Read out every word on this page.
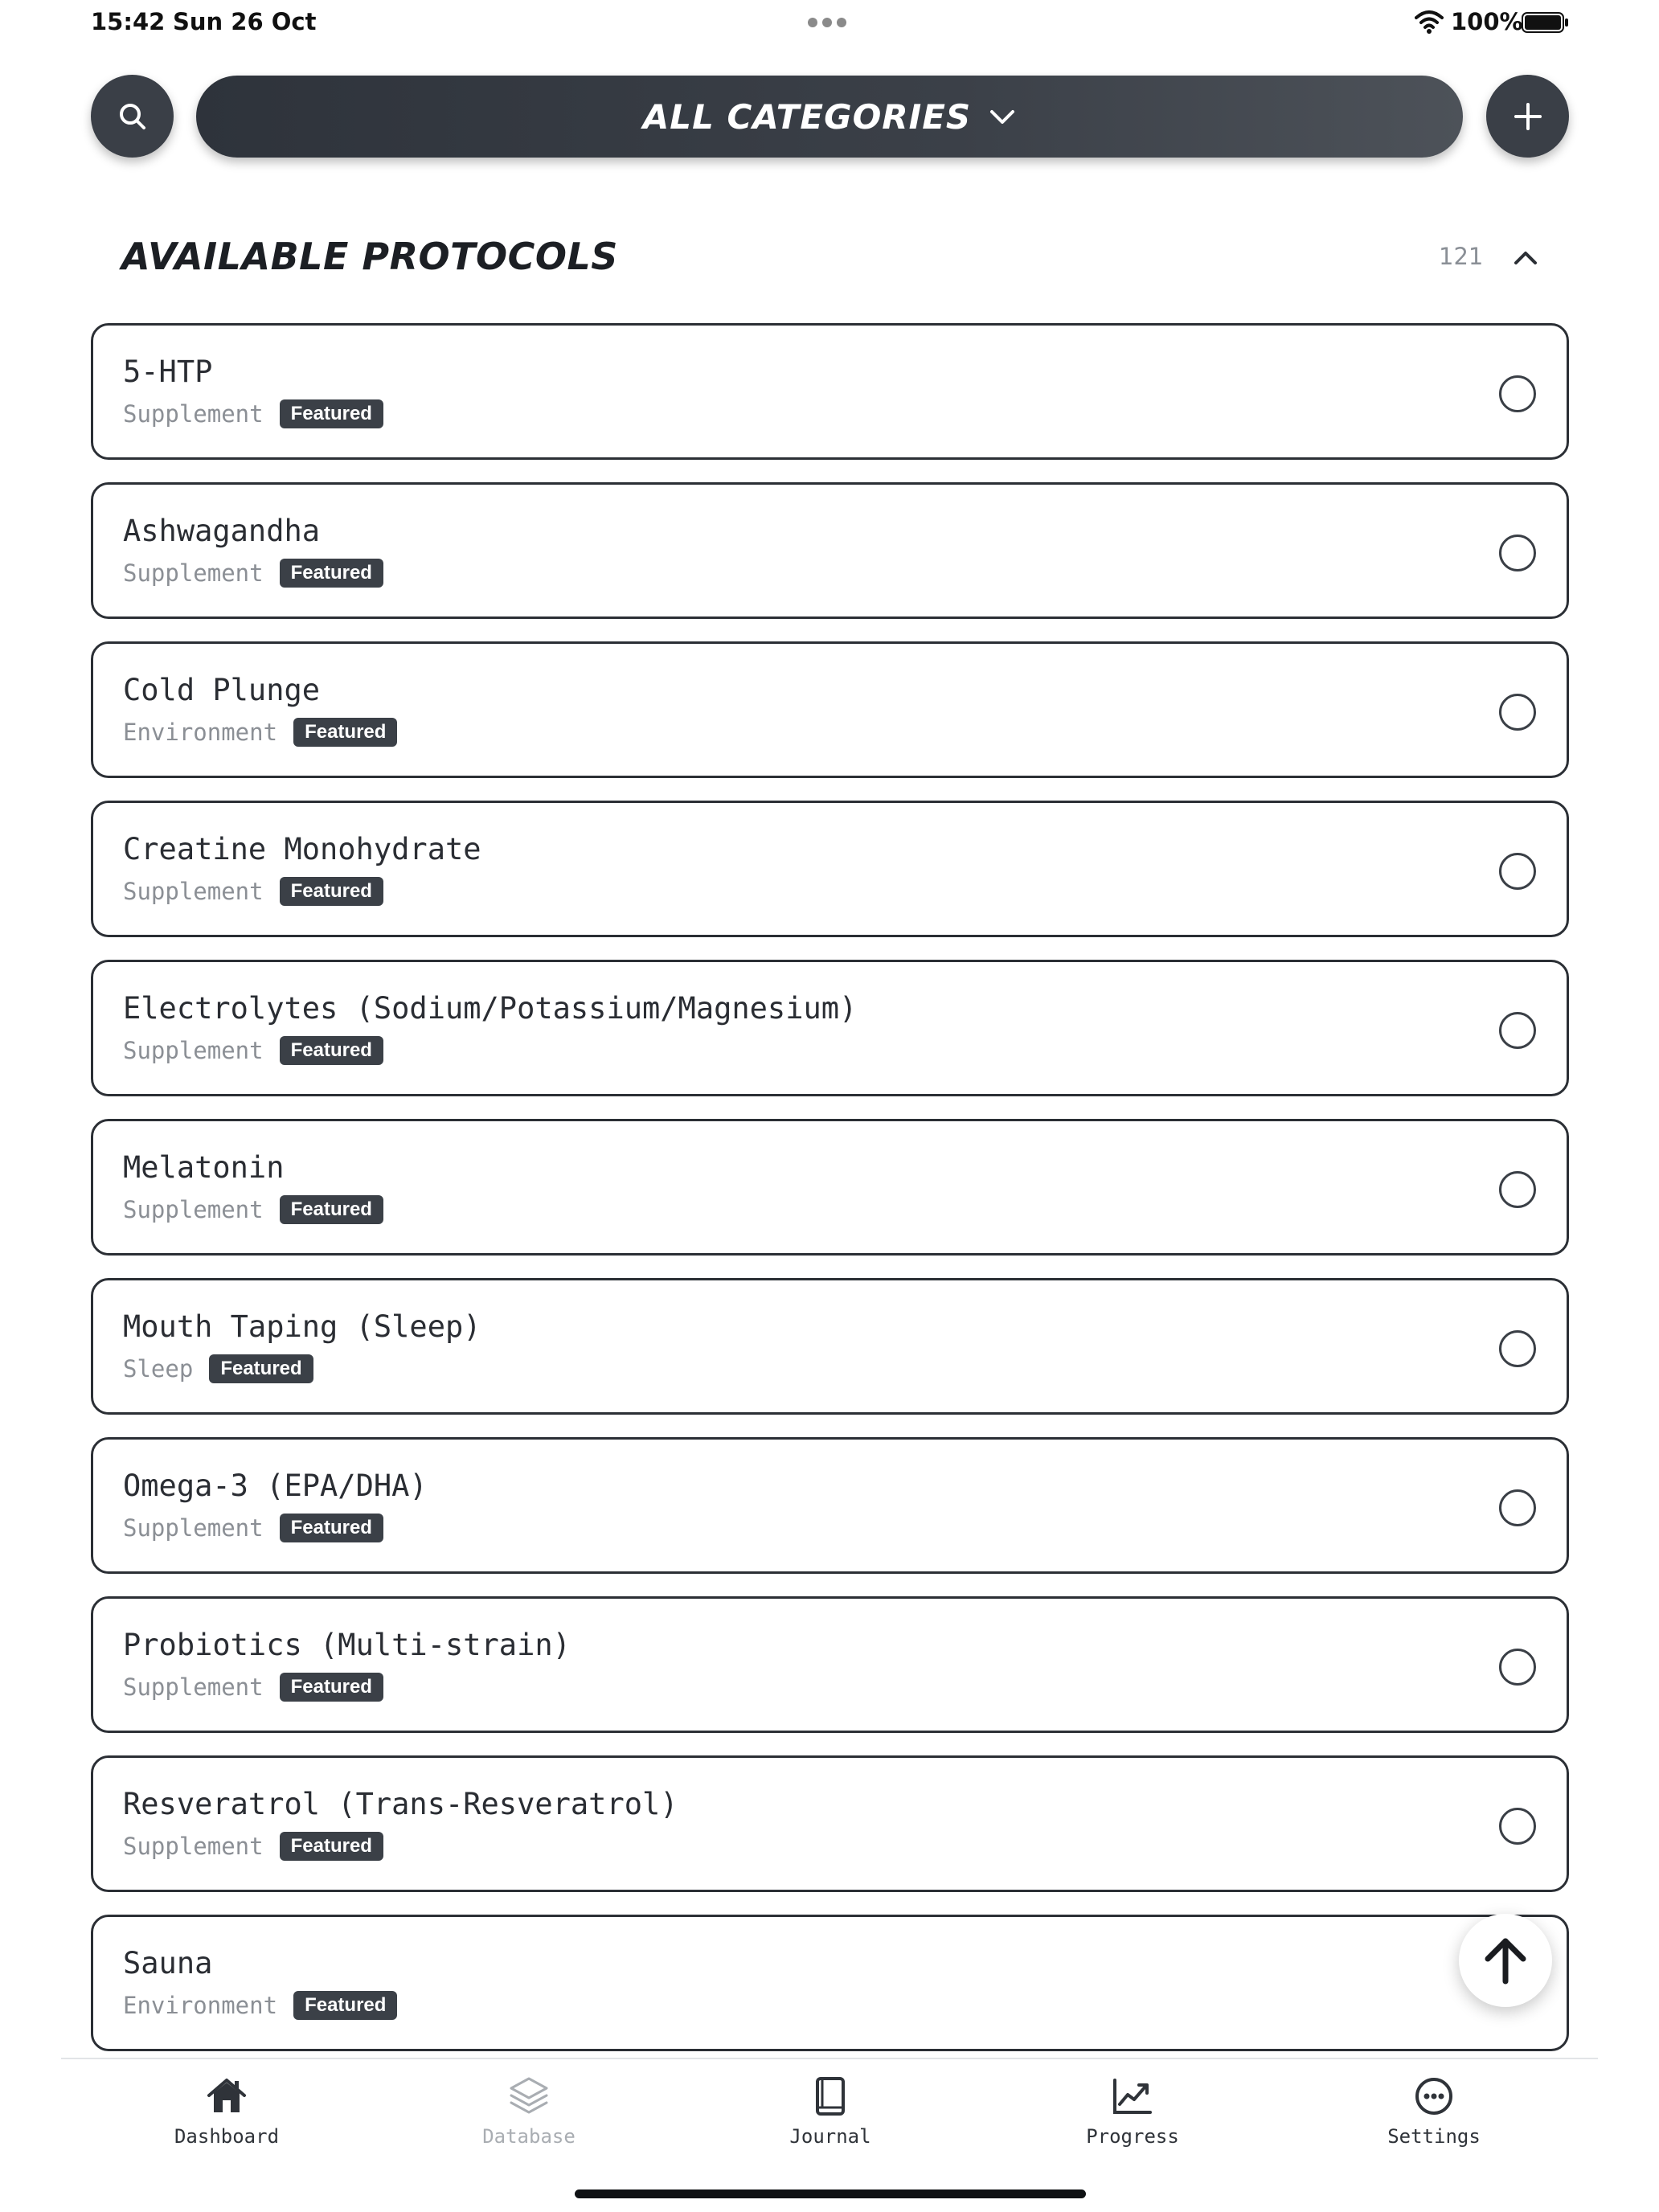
15:42 Sun 26 Oct	100%
ALL CATEGORIES
AVAILABLE PROTOCOLS	121
5-HTP
Supplement	Featured
Ashwagandha
Supplement	Featured
Cold Plunge
Environment	Featured
Creatine Monohydrate
Supplement	Featured
Electrolytes (Sodium/Potassium/Magnesium)
Supplement	Featured
Melatonin
Supplement	Featured
Mouth Taping (Sleep)
Sleep	Featured
Omega-3 (EPA/DHA)
Supplement	Featured
Probiotics (Multi-strain)
Supplement	Featured
Resveratrol (Trans-Resveratrol)
Supplement	Featured
Sauna
Environment	Featured
Dashboard	Database	Journal	Progress	Settings
